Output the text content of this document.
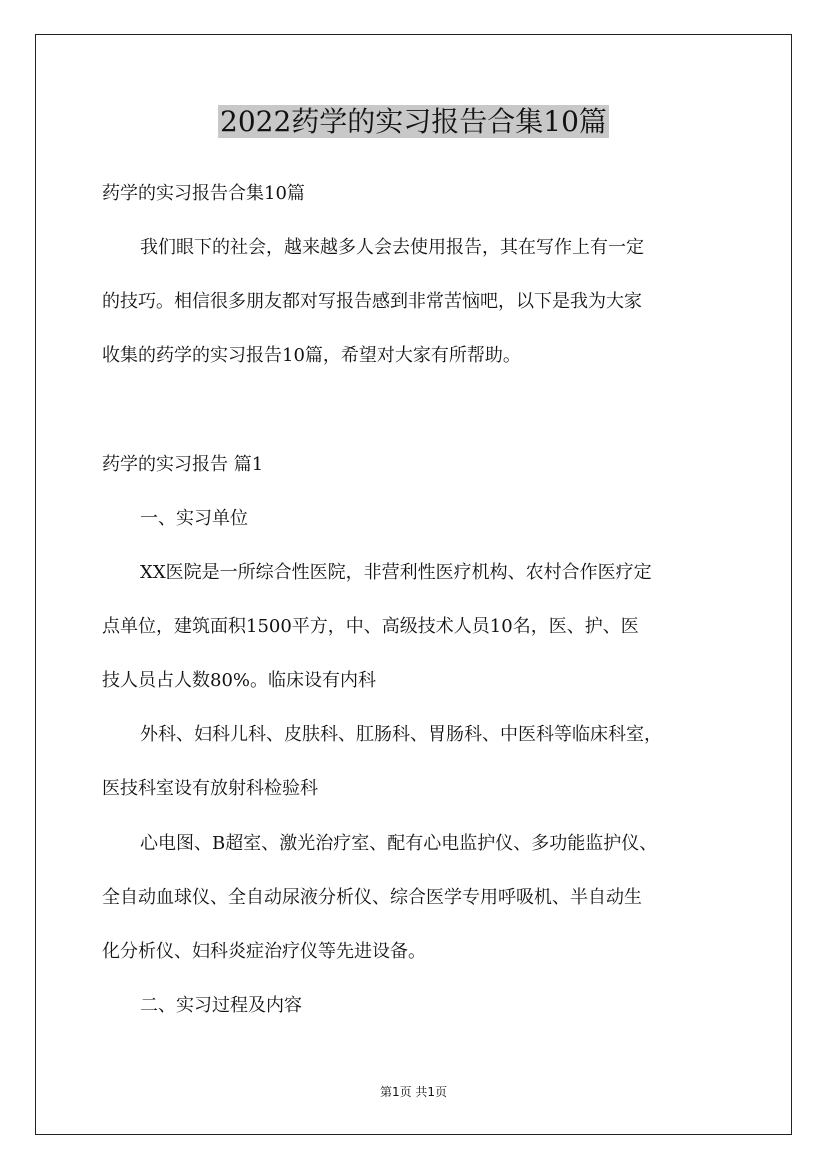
2022药学的实习报告合集10篇
药学的实习报告合集10篇
我们眼下的社会，越来越多人会去使用报告，其在写作上有一定
的技巧。相信很多朋友都对写报告感到非常苦恼吧，以下是我为大家
收集的药学的实习报告10篇，希望对大家有所帮助。
药学的实习报告 篇1
一、实习单位
XX医院是一所综合性医院，非营利性医疗机构、农村合作医疗定
点单位，建筑面积1500平方，中、高级技术人员10名，医、护、医
技人员占人数80%。临床设有内科
外科、妇科儿科、皮肤科、肛肠科、胃肠科、中医科等临床科室，
医技科室设有放射科检验科
心电图、B超室、激光治疗室、配有心电监护仪、多功能监护仪、
全自动血球仪、全自动尿液分析仪、综合医学专用呼吸机、半自动生
化分析仪、妇科炎症治疗仪等先进设备。
二、实习过程及内容
第1页 共1页
